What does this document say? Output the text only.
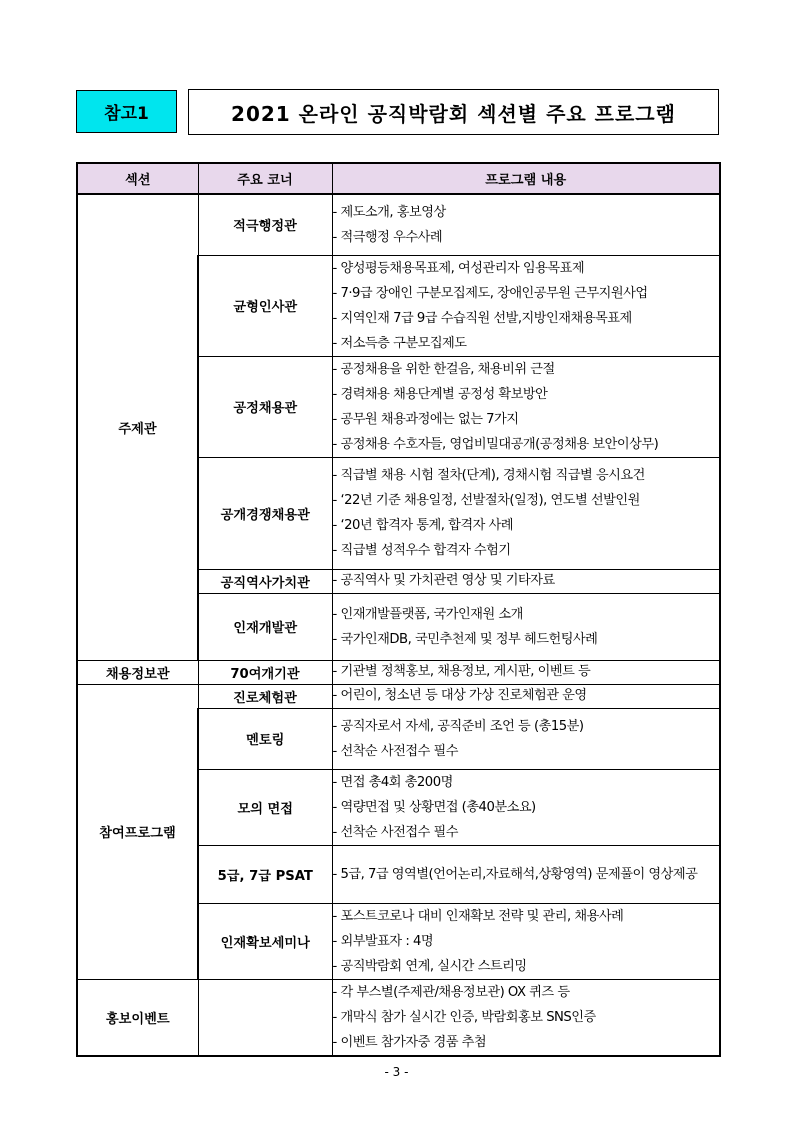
참고1	2021 온라인 공직박람회 섹션별 주요 프로그램
섹션	주요 코너	프로그램 내용
주제관	적극행정관	- 제도소개, 홍보영상
- 적극행정 우수사례

	균형인사관	- 양성평등채용목표제, 여성관리자 임용목표제
- 7·9급 장애인 구분모집제도, 장애인공무원 근무지원사업
- 지역인재 7급 9급 수습직원 선발,지방인재채용목표제
- 저소득층 구분모집제도

	공정채용관	- 공정채용을 위한 한걸음, 채용비위 근절
- 경력채용 채용단계별 공정성 확보방안
- 공무원 채용과정에는 없는 7가지
- 공정채용 수호자들, 영업비밀대공개(공정채용 보안이상무)

	공개경쟁채용관	- 직급별 채용 시험 절차(단계), 경채시험 직급별 응시요건
- ‘22년 기준 채용일정, 선발절차(일정), 연도별 선발인원
- ‘20년 합격자 통계, 합격자 사례
- 직급별 성적우수 합격자 수험기

	공직역사가치관	- 공직역사 및 가치관련 영상 및 기타자료

	인재개발관	- 인재개발플랫폼, 국가인재원 소개
- 국가인재DB, 국민추천제 및 정부 헤드헌팅사례

채용정보관	70여개기관	- 기관별 정책홍보, 채용정보, 게시판, 이벤트 등

참여프로그램	진로체험관	- 어린이, 청소년 등 대상 가상 진로체험관 운영

	멘토링	- 공직자로서 자세, 공직준비 조언 등 (총15분)
- 선착순 사전접수 필수

	모의 면접	- 면접 총4회 총200명
- 역량면접 및 상황면접 (총40분소요)
- 선착순 사전접수 필수

	5급, 7급 PSAT	- 5급, 7급 영역별(언어논리,자료해석,상황영역) 문제풀이 영상제공

	인재확보세미나	- 포스트코로나 대비 인재확보 전략 및 관리, 채용사례
- 외부발표자 : 4명
- 공직박람회 연계, 실시간 스트리밍

홍보이벤트		- 각 부스별(주제관/채용정보관) OX 퀴즈 등
- 개막식 참가 실시간 인증, 박람회홍보 SNS인증
- 이벤트 참가자중 경품 추첨
- 3 -
